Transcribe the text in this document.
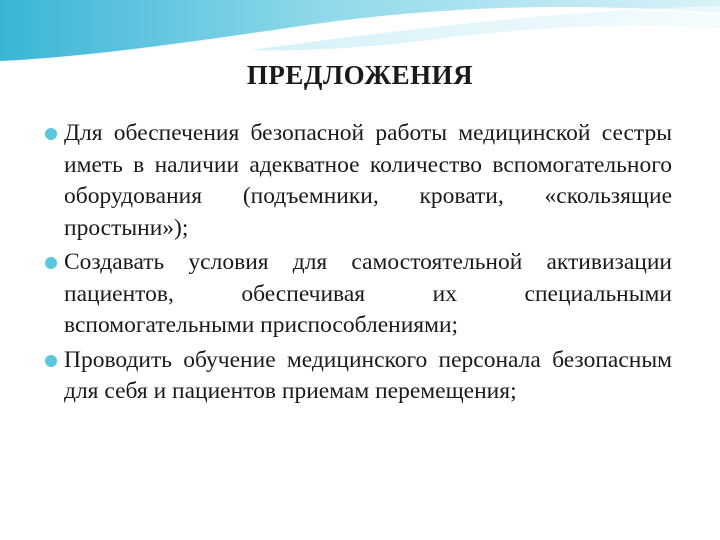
ПРЕДЛОЖЕНИЯ
Для обеспечения безопасной работы медицинской сестры иметь в наличии адекватное количество вспомогательного оборудования (подъемники, кровати, «скользящие простыни»);
Создавать условия для самостоятельной активизации пациентов, обеспечивая их специальными вспомогательными приспособлениями;
Проводить обучение медицинского персонала безопасным для себя и пациентов приемам перемещения;
